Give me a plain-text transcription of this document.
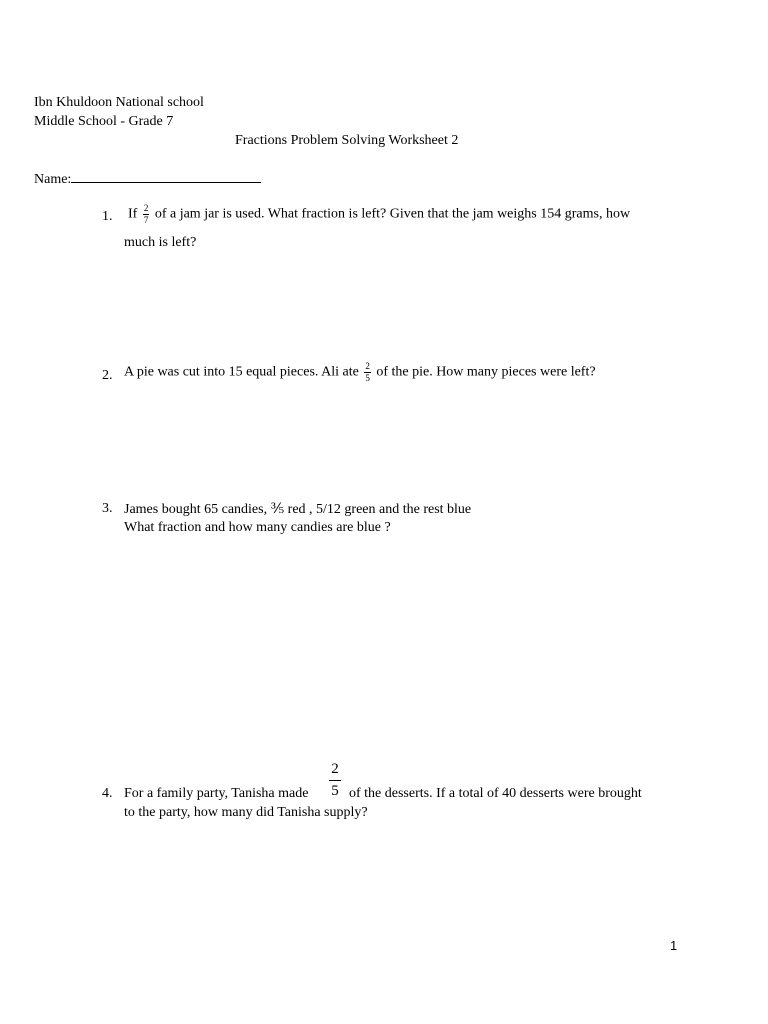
Ibn Khuldoon National school
Middle School - Grade 7
Fractions Problem Solving Worksheet 2
Name:
1. If $\frac{2}{7}$ of a jam jar is used. What fraction is left? Given that the jam weighs 154 grams, how
much is left?
2. A pie was cut into 15 equal pieces. Ali ate $\frac{2}{5}$ of the pie. How many pieces were left?
3. James bought 65 candies, ⅗ red , 5/12 green and the rest blue
What fraction and how many candies are blue ?
2
5
4. For a family party, Tanisha made	of the desserts. If a total of 40 desserts were brought
to the party, how many did Tanisha supply?
1
